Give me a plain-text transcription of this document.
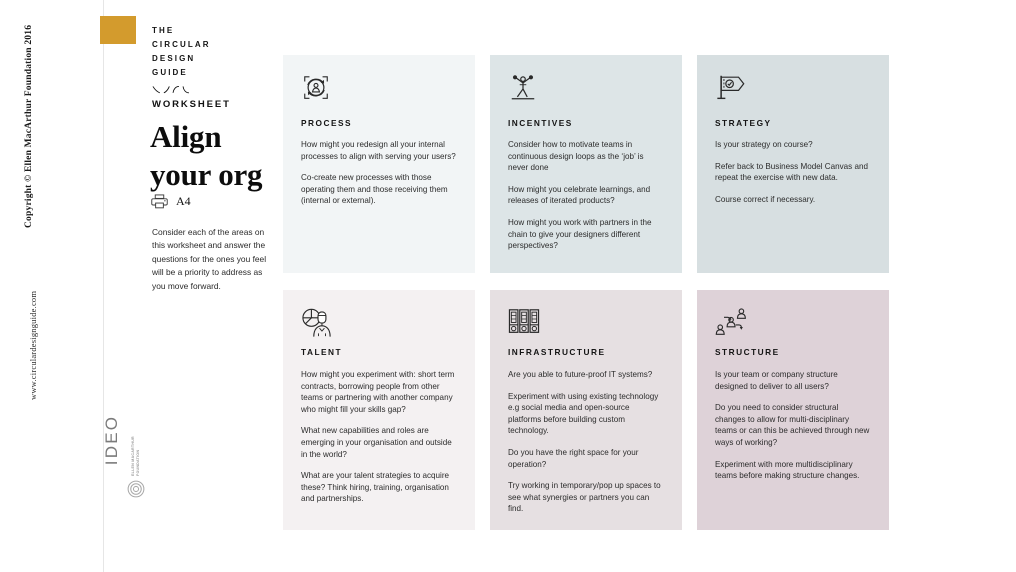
Copyright © Ellen MacArthur Foundation 2016
www.circulardesignguide.com
IDEO	ELLEN MACARTHUR FOUNDATION
THE
CIRCULAR
DESIGN
GUIDE
WORKSHEET
Align
your org
A4
Consider each of the areas on this worksheet and answer the questions for the ones you feel will be a priority to address as you move forward.
PROCESS

How might you redesign all your internal processes to align with serving your users?

Co-create new processes with those operating them and those receiving them (internal or external).

INCENTIVES

Consider how to motivate teams in continuous design loops as the ‘job’ is never done

How might you celebrate learnings, and releases of iterated products?

How might you work with partners in the chain to give your designers different perspectives?

STRATEGY

Is your strategy on course?

Refer back to Business Model Canvas and repeat the exercise with new data.

Course correct if necessary.

TALENT

How might you experiment with: short term contracts, borrowing people from other teams or partnering with another company who might fill your skills gap?

What new capabilities and roles are emerging in your organisation and outside in the world?

What are your talent strategies to acquire these? Think hiring, training, organisation and partnerships.

INFRASTRUCTURE

Are you able to future-proof IT systems?

Experiment with using existing technology e.g social media and open-source platforms before building custom technology.

Do you have the right space for your operation?

Try working in temporary/pop up spaces to see what synergies or partners you can find.

STRUCTURE

Is your team or company structure designed to deliver to all users?

Do you need to consider structural changes to allow for multi-disciplinary teams or can this be achieved through new ways of working?

Experiment with more multidisciplinary teams before making structure changes.
